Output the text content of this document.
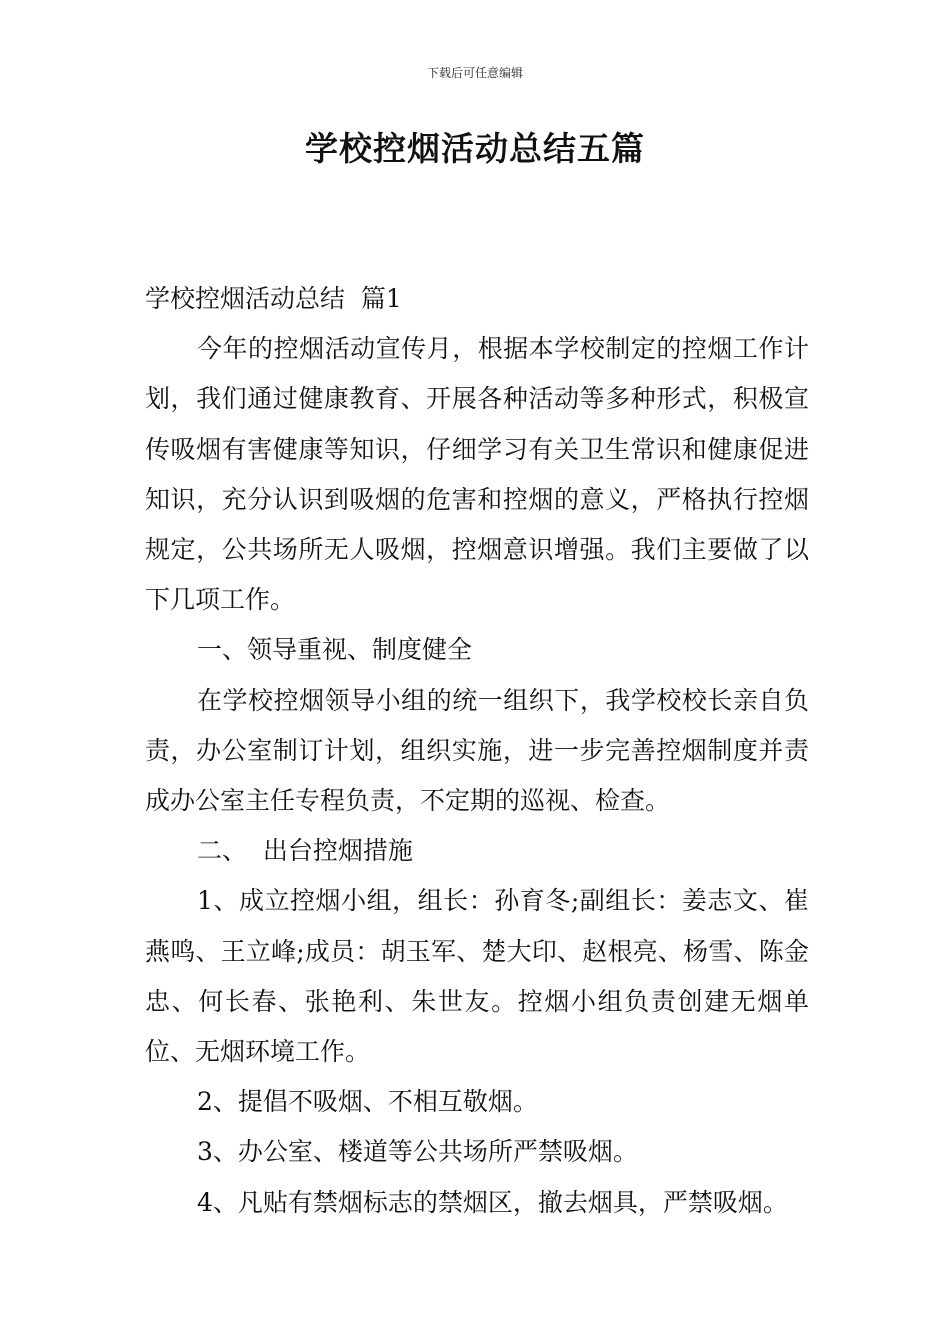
下载后可任意编辑
学校控烟活动总结五篇

学校控烟活动总结  篇1

今年的控烟活动宣传月，根据本学校制定的控烟工作计划，我们通过健康教育、开展各种活动等多种形式，积极宣传吸烟有害健康等知识，仔细学习有关卫生常识和健康促进知识，充分认识到吸烟的危害和控烟的意义，严格执行控烟规定，公共场所无人吸烟，控烟意识增强。我们主要做了以下几项工作。

一、领导重视、制度健全

在学校控烟领导小组的统一组织下，我学校校长亲自负责，办公室制订计划，组织实施，进一步完善控烟制度并责成办公室主任专程负责，不定期的巡视、检查。

二、  出台控烟措施

1、成立控烟小组，组长：孙育冬;副组长：姜志文、崔燕鸣、王立峰;成员：胡玉军、楚大印、赵根亮、杨雪、陈金忠、何长春、张艳利、朱世友。控烟小组负责创建无烟单位、无烟环境工作。

2、提倡不吸烟、不相互敬烟。

3、办公室、楼道等公共场所严禁吸烟。

4、凡贴有禁烟标志的禁烟区，撤去烟具，严禁吸烟。
